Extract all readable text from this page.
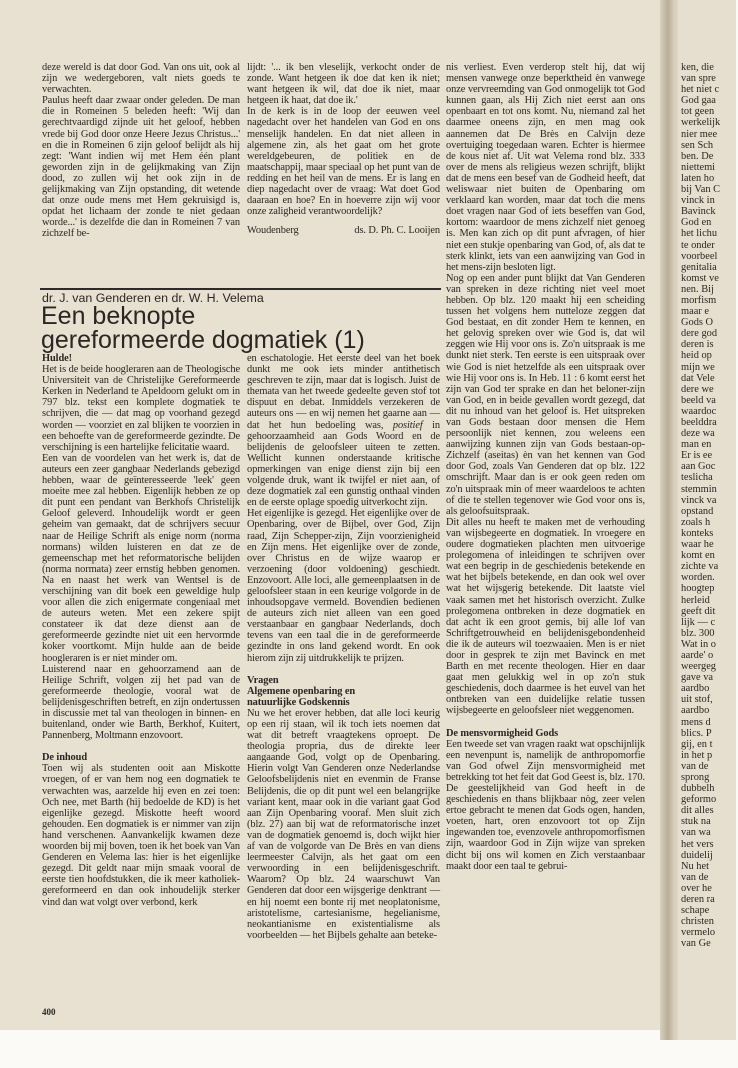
deze wereld is dat door God. Van ons uit, ook al zijn we wedergeboren, valt niets goeds te verwachten.

Paulus heeft daar zwaar onder geleden. De man die in Romeinen 5 beleden heeft: 'Wij dan gerechtvaardigd zijnde uit het geloof, hebben vrede bij God door onze Heere Jezus Christus...' en die in Romeinen 6 zijn geloof belijdt als hij zegt: 'Want indien wij met Hem één plant geworden zijn in de gelijkmaking van Zijn dood, zo zullen wij het ook zijn in de gelijkmaking van Zijn opstanding, dit wetende dat onze oude mens met Hem gekruisigd is, opdat het lichaam der zonde te niet gedaan worde...' is dezelfde die dan in Romeinen 7 van zichzelf be-

lijdt: '... ik ben vleselijk, verkocht onder de zonde. Want hetgeen ik doe dat ken ik niet; want hetgeen ik wil, dat doe ik niet, maar hetgeen ik haat, dat doe ik.'

In de kerk is in de loop der eeuwen veel nagedacht over het handelen van God en ons menselijk handelen. En dat niet alleen in algemene zin, als het gaat om het grote wereldgebeuren, de politiek en de maatschappij, maar speciaal op het punt van de redding en het heil van de mens. Er is lang en diep nagedacht over de vraag: Wat doet God daaraan en hoe? En in hoeverre zijn wij voor onze zaligheid verantwoordelijk?

Woudenberg	ds. D. Ph. C. Looijen
dr. J. van Genderen en dr. W. H. Velema
Een beknopte
gereformeerde dogmatiek (1)
Hulde!

Het is de beide hoogleraren aan de Theologische Universiteit van de Christelijke Gereformeerde Kerken in Nederland te Apeldoorn gelukt om in 797 blz. tekst een komplete dogmatiek te schrijven, die — dat mag op voorhand gezegd worden — voorziet en zal blijken te voorzien in een behoefte van de gereformeerde gezindte. De verschijning is een hartelijke felicitatie waard.

Een van de voordelen van het werk is, dat de auteurs een zeer gangbaar Nederlands gebezigd hebben, waar de geïnteresseerde 'leek' geen moeite mee zal hebben. Eigenlijk hebben ze op dit punt een pendant van Berkhofs Christelijk Geloof geleverd. Inhoudelijk wordt er geen geheim van gemaakt, dat de schrijvers secuur naar de Heilige Schrift als enige norm (norma normans) wilden luisteren en dat ze de gemeenschap met het reformatorische belijden (norma normata) zeer ernstig hebben genomen. Na en naast het werk van Wentsel is de verschijning van dit boek een geweldige hulp voor allen die zich enigermate congeniaal met de auteurs weten. Met een zekere spijt constateer ik dat deze dienst aan de gereformeerde gezindte niet uit een hervormde koker voortkomt. Mijn hulde aan de beide hoogleraren is er niet minder om.

Luisterend naar en gehoorzamend aan de Heilige Schrift, volgen zij het pad van de gereformeerde theologie, vooral wat de belijdenisgeschriften betreft, en zijn ondertussen in discussie met tal van theologen in binnen- en buitenland, onder wie Barth, Berkhof, Kuitert, Pannenberg, Moltmann enzovoort.

De inhoud

Toen wij als studenten ooit aan Miskotte vroegen, of er van hem nog een dogmatiek te verwachten was, aarzelde hij even en zei toen: Och nee, met Barth (hij bedoelde de KD) is het eigenlijke gezegd. Miskotte heeft woord gehouden. Een dogmatiek is er nimmer van zijn hand verschenen. Aanvankelijk kwamen deze woorden bij mij boven, toen ik het boek van Van Genderen en Velema las: hier is het eigenlijke gezegd. Dit geldt naar mijn smaak vooral de eerste tien hoofdstukken, die ik meer katholiek-gereformeerd en dan ook inhoudelijk sterker vind dan wat volgt over verbond, kerk

en eschatologie. Het eerste deel van het boek dunkt me ook iets minder antithetisch geschreven te zijn, maar dat is logisch. Juist de themata van het tweede gedeelte geven stof tot dispuut en debat. Inmiddels verzekeren de auteurs ons — en wij nemen het gaarne aan — dat het hun bedoeling was, positief in gehoorzaamheid aan Gods Woord en de belijdenis de geloofsleer uiteen te zetten. Wellicht kunnen onderstaande kritische opmerkingen van enige dienst zijn bij een volgende druk, want ik twijfel er niet aan, of deze dogmatiek zal een gunstig onthaal vinden en de eerste oplage spoedig uitverkocht zijn.

Het eigenlijke is gezegd. Het eigenlijke over de Openbaring, over de Bijbel, over God, Zijn raad, Zijn Schepper-zijn, Zijn voorzienigheid en Zijn mens. Het eigenlijke over de zonde, over Christus en de wijze waarop er verzoening (door voldoening) geschiedt. Enzovoort. Alle loci, alle gemeenplaatsen in de geloofsleer staan in een keurige volgorde in de inhoudsopgave vermeld. Bovendien bedienen de auteurs zich niet alleen van een goed verstaanbaar en gangbaar Nederlands, doch tevens van een taal die in de gereformeerde gezindte in ons land gekend wordt. En ook hierom zijn zij uitdrukkelijk te prijzen.

Vragen
Algemene openbaring en
natuurlijke Godskennis

Nu we het erover hebben, dat alle loci keurig op een rij staan, wil ik toch iets noemen dat wat dit betreft vraagtekens oproept. De theologia propria, dus de direkte leer aangaande God, volgt op de Openbaring. Hierin volgt Van Genderen onze Nederlandse Geloofsbelijdenis niet en evenmin de Franse Belijdenis, die op dit punt wel een belangrijke variant kent, maar ook in die variant gaat God aan Zijn Openbaring vooraf. Men sluit zich (blz. 27) aan bij wat de reformatorische inzet van de dogmatiek genoemd is, doch wijkt hier af van de volgorde van De Brès en van diens leermeester Calvijn, als het gaat om een verwoording in een belijdenisgeschrift. Waarom? Op blz. 24 waarschuwt Van Genderen dat door een wijsgerige denktrant — en hij noemt een bonte rij met neoplatonisme, aristotelisme, cartesianisme, hegelianisme, neokantianisme en existentialisme als voorbeelden — het Bijbels gehalte aan beteke-

nis verliest. Even verderop stelt hij, dat wij mensen vanwege onze beperktheid èn vanwege onze vervreemding van God onmogelijk tot God kunnen gaan, als Hij Zich niet eerst aan ons openbaart en tot ons komt. Nu, niemand zal het daarmee oneens zijn, en men mag ook aannemen dat De Brès en Calvijn deze overtuiging toegedaan waren. Echter is hiermee de kous niet af. Uit wat Velema rond blz. 333 over de mens als religieus wezen schrijft, blijkt dat de mens een besef van de Godheid heeft, dat weliswaar niet buiten de Openbaring om verklaard kan worden, maar dat toch die mens doet vragen naar God of iets beseffen van God, kortom: waardoor de mens zichzelf niet genoeg is. Men kan zich op dit punt afvragen, of hier niet een stukje openbaring van God, of, als dat te sterk klinkt, iets van een aanwijzing van God in het mens-zijn besloten ligt.

Nog op een ander punt blijkt dat Van Genderen van spreken in deze richting niet veel moet hebben. Op blz. 120 maakt hij een scheiding tussen het volgens hem nutteloze zeggen dat God bestaat, en dit zonder Hem te kennen, en het gelovig spreken over wie God is, dat wil zeggen wie Hij voor ons is. Zo'n uitspraak is me dunkt niet sterk. Ten eerste is een uitspraak over wie God is niet hetzelfde als een uitspraak over wie Hij voor ons is. In Heb. 11 : 6 komt eerst het zijn van God ter sprake en dan het beloner-zijn van God, en in beide gevallen wordt gezegd, dat dit nu inhoud van het geloof is. Het uitspreken van Gods bestaan door mensen die Hem persoonlijk niet kennen, zou weleens een aanwijzing kunnen zijn van Gods bestaan-op-Zichzelf (aseitas) èn van het kennen van God door God, zoals Van Genderen dat op blz. 122 omschrijft. Maar dan is er ook geen reden om zo'n uitspraak min of meer waardeloos te achten of die te stellen tegenover wie God voor ons is, als geloofsuitspraak.

Dit alles nu heeft te maken met de verhouding van wijsbegeerte en dogmatiek. In vroegere en oudere dogmatieken plachten men uitvoerige prolegomena of inleidingen te schrijven over wat een begrip in de geschiedenis betekende en wat het bijbels betekende, en dan ook wel over wat het wijsgerig betekende. Dit laatste viel vaak samen met het historisch overzicht. Zulke prolegomena ontbreken in deze dogmatiek en dat acht ik een groot gemis, bij alle lof van Schriftgetrouwheid en belijdenisgebondenheid die ik de auteurs wil toezwaaien. Men is er niet door in gesprek te zijn met Bavinck en met Barth en met recente theologen. Hier en daar gaat men gelukkig wel in op zo'n stuk geschiedenis, doch daarmee is het euvel van het ontbreken van een duidelijke relatie tussen wijsbegeerte en geloofsleer niet weggenomen.

De mensvormigheid Gods

Een tweede set van vragen raakt wat opschijnlijk een nevenpunt is, namelijk de anthropomorfie van God ofwel Zijn mensvormigheid met betrekking tot het feit dat God Geest is, blz. 170. De geestelijkheid van God heeft in de geschiedenis en thans blijkbaar nòg, zeer velen ertoe gebracht te menen dat Gods ogen, handen, voeten, hart, oren enzovoort tot op Zijn ingewanden toe, evenzovele anthropomorfismen zijn, waardoor God in Zijn wijze van spreken dicht bij ons wil komen en Zich verstaanbaar maakt door een taal te gebrui-

400
ken, die
van spre
het niet c
God gaa
tot geen
werkelijk
nier mee
sen Sch
ben. De
niettemi
laten ho
bij Van C
vinck in
Bavinck
God en
het lichu
te onder
voorbeel
genitalia
komst ve
nen. Bij
morfism
maar e
Gods O
dere god
deren is
heid op
mijn we
dat Vele
dere we
beeld va
waardoc
beelddra
deze wa
man en
Er is ee
aan Goc
teslicha
stemmin
vinck va
opstand
zoals h
konteks
waar he
komt en
zichte va
worden.
hoogtep
herleid
geeft dit
lijk — c
blz. 300
Wat in o
aarde' o
weergeg
gave va
aardbo
uit stof,
aardbo
mens d
blics. P
gij, en t
in het p
van de
sprong
dubbelh
geformo
dit alles
stuk na
van wa
het vers
duidelij
Nu het
van de
over he
deren ra
schape
christen
vermelo
van Ge
